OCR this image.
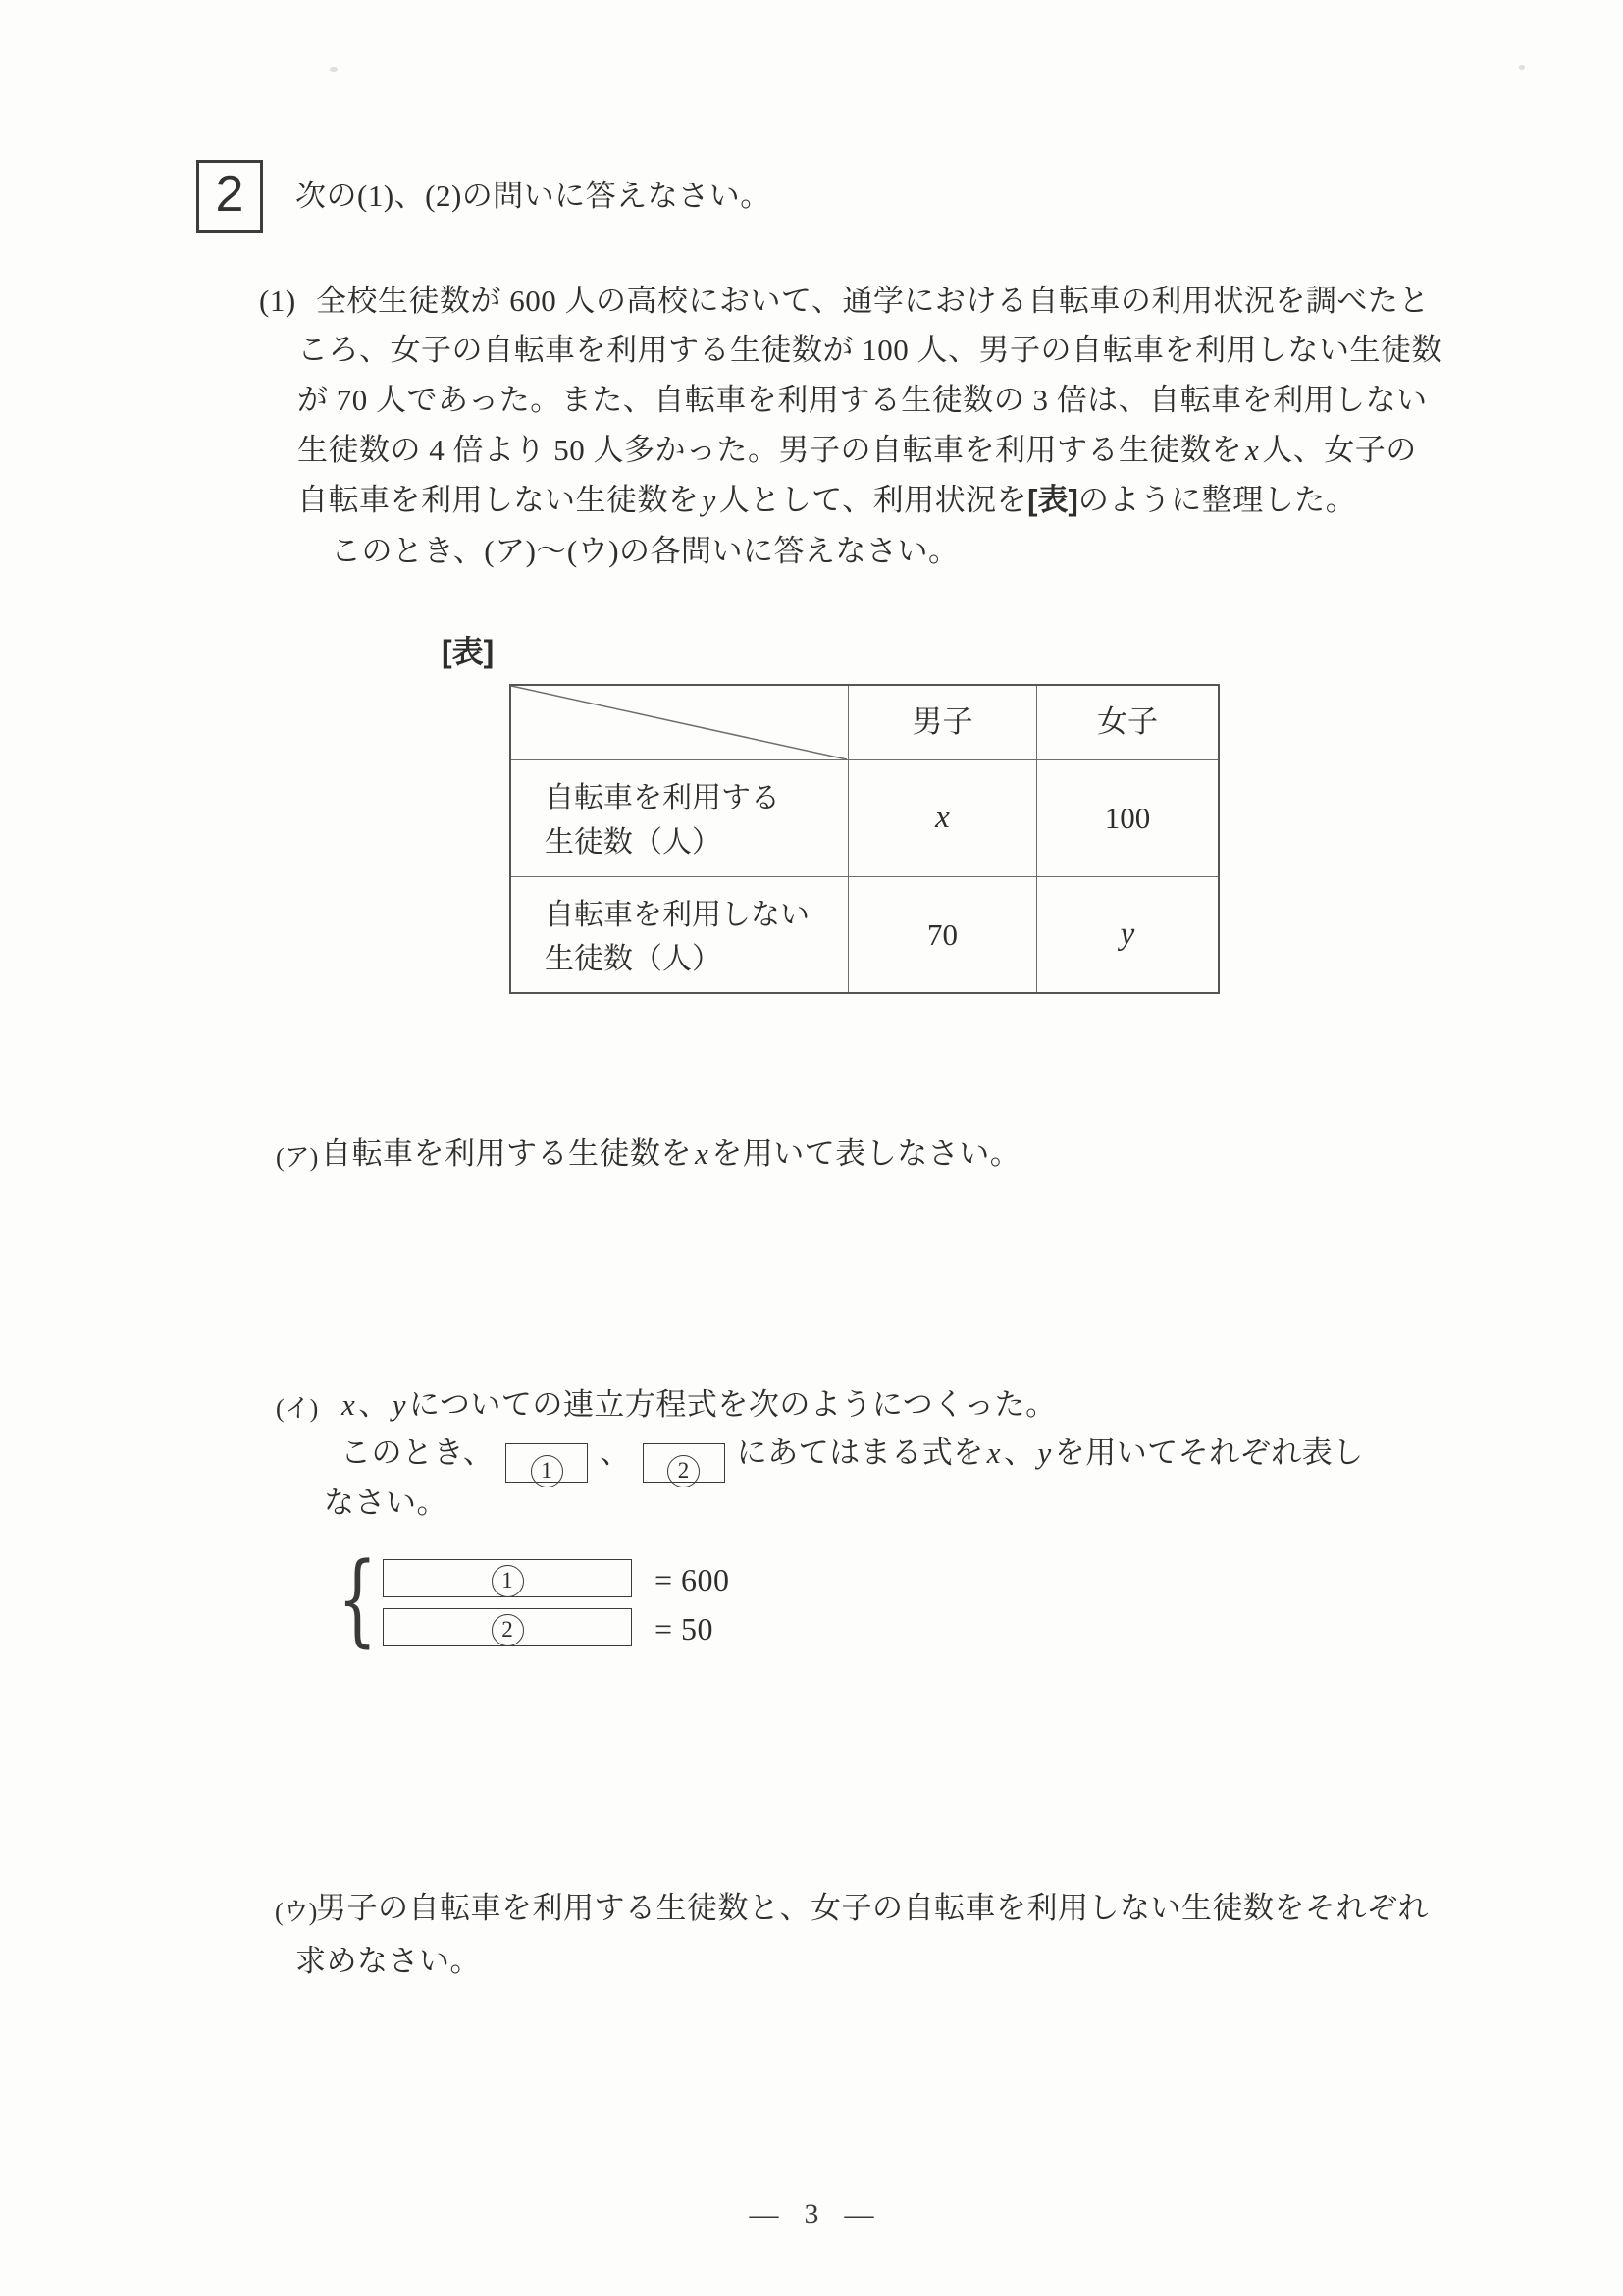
2	次の(1)、(2)の問いに答えなさい。
(1) 全校生徒数が 600 人の高校において、通学における自転車の利用状況を調べたと
ころ、女子の自転車を利用する生徒数が 100 人、男子の自転車を利用しない生徒数
が 70 人であった。また、自転車を利用する生徒数の 3 倍は、自転車を利用しない
生徒数の 4 倍より 50 人多かった。男子の自転車を利用する生徒数をx人、女子の
自転車を利用しない生徒数をy人として、利用状況を[表]のように整理した。
このとき、(ア)～(ウ)の各問いに答えなさい。
[表]
男子	女子
自転車を利用する
生徒数（人）
x	100
自転車を利用しない
生徒数（人）
70	y
(ア) 自転車を利用する生徒数をxを用いて表しなさい。
(イ) x、yについての連立方程式を次のようにつくった。
このとき、1、2にあてはまる式をx、yを用いてそれぞれ表し
なさい。
{	1	= 600
2	= 50
(ウ)
男子の自転車を利用する生徒数と、女子の自転車を利用しない生徒数をそれぞれ
求めなさい。
— 3 —
